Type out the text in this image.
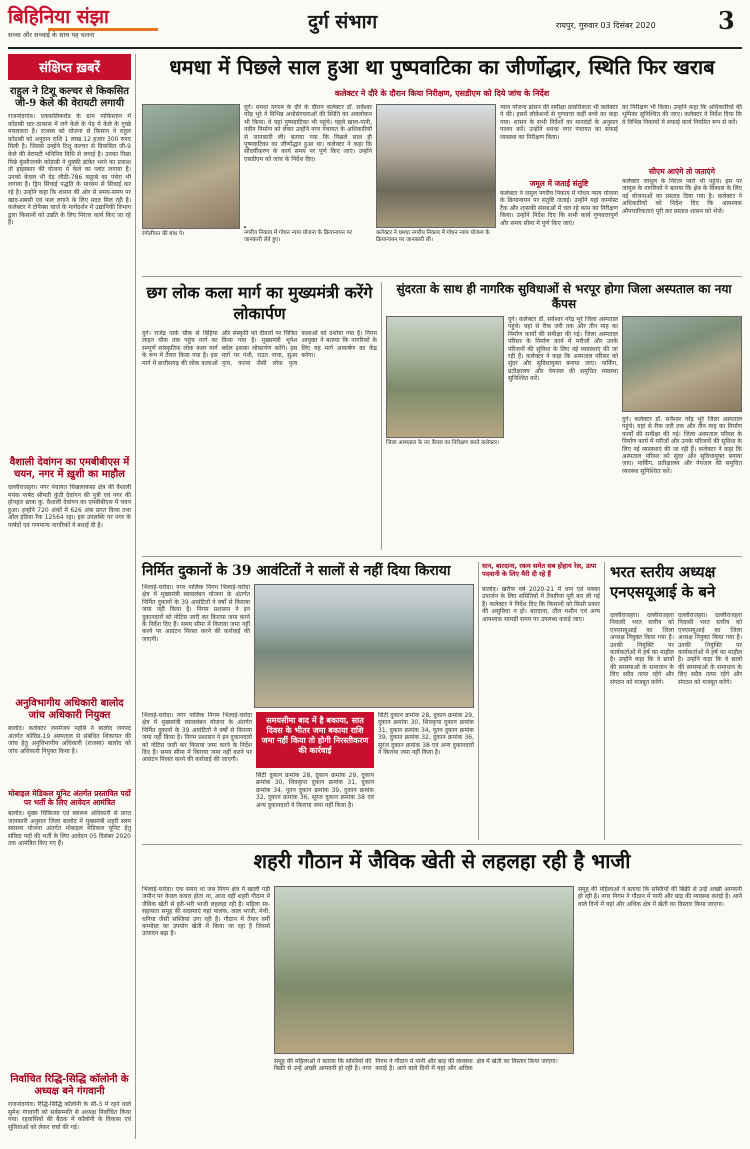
बिहिनिया संझा
सच्चा और सच्चाई के साथ यह चलना
दुर्ग संभाग	रायपुर, गुरुवार 03 दिसंबर 2020	3
संक्षिप्त ख़बरें
राहुल ने टिशू कल्चर से किकसित जी-9 केले की वेरायटी लगायी
राजनांदगांव। एकवालिकरोड के ग्राम पाकिस्तान में कोंडाबी चार ठाकास में लगे केले के पेड़ में केले के गुच्छे मचलकरा है। राजस्व को योजना से किसान ने राहुल कोंडाबी को अनुदान राशि 1 लाख 12 हजार 300 रुपए मिली है। जिससे उन्होंने टिशू कल्चर से विकसित जी-9 केले की वेरायटी भनिनिय विधि से लगाई है। उनका पिछा पिछे कुंसीजनके कोंडाबी ने धुक्की ढांकेर भरने का प्रकाश तो हाइस्कार की योजना मे केले का प्लांट लगाया है। उनको केवल भी देड़ लीठी-786 कट्ठाबे का पंचेरा भी लगाया है। ड्रिप सिंचाई पद्धति के माध्यम से सिंचाई कर रहे है। उन्होंने कहा कि शासन की ओर से समय-समय पर खाद-सबसी एवं फल लगाने के लिए मदद मिल रही है। कलेक्टर ने टोपेक्स चार्ज के मार्गदर्शन में उद्यानिकी विभाग द्वारा किसानों को उन्नति के लिए निरंतर कार्य किए जा रहे हैं।
वैशाली देवांगन का एमबीबीएस में चयन, नगर में ख़ुशी का माहौल
दल्लीराजहरा। नगर पंचायत चिखलाकसा क्षेत्र की वैशाली मयंक पार्षद श्रीमती कुंती देवांगन की पुत्री एवं नगर की होनहार छात्रा कु. वैशाली देवांगन का एमबीबीएस में चयन हुआ। इन्होंने 720 अंकों में 626 अंक प्राप्त किया तथा ऑल इंडिया रैंक 12564 रहा। इस उपलब्धि पर नगर के पार्षदों एवं गणमान्य नागरिकों ने बधाई दी है।
अनुविभागीय अधिकारी बालोद जांच अधिकारी नियुक्त
बालोद। कलेक्टर जनमेजय महोबे ने बालोद जनपद अंतर्गत कोविड-19 अस्पताल से संबंधित शिकायत की जांच हेतु अनुविभागीय अधिकारी (राजस्व) बालोद को जांच अधिकारी नियुक्त किया है।
मोबाइल मेडिकल यूनिट अंतर्गत प्रस्तावित पदों पर भर्ती के लिए आवेदन आमंत्रित
बालोद। मुख्य चिकित्सा एवं स्वास्थ्य अधिकारी से प्राप्त जानकारी अनुसार जिला बालोद में मुख्यमंत्री शहरी स्लम स्वास्थ्य योजना अंतर्गत मोबाइल मेडिकल यूनिट हेतु संविदा पदों की भर्ती के लिए आवेदन 05 दिसंबर 2020 तक आमंत्रित किए गए हैं।
निर्वाचित रिद्धि-सिद्धि कॉलोनी के अध्यक्ष बने गंगवानी
राजनांदगांव। रिद्धि-सिद्धि कॉलोनी के सी-3 में रहने वाले सुमेश गंगवानी को सर्वसम्मति से अध्यक्ष निर्वाचित किया गया। रहवासियों की बैठक में कॉलोनी के विकास एवं सुविधाओं को लेकर चर्चा की गई।
धमधा में पिछले साल हुआ था पुष्पवाटिका का जीर्णोद्धार, स्थिति फिर खराब
कलेक्टर ने दौरे के दौरान किया निरीक्षण, एसडीएम को दिये जांच के निर्देश
रंगोलीयन की बांध पे।
दुर्ग। धमधा नगरम के दौरे के दौरान कलेक्टर डॉ. सर्वेश्वर नरेंद्र भुरे ने विभिन्न अधोसंरचनाओं की स्थिति का अवलोकन भी किया। वे यहां पुष्पवाटिका भी पहुंचे। पहले खाल-पानी, नवीन निर्माण को लेकर उन्होंने नगर पंचायत के अधिकारियों से जानकारी ली। बताया गया कि पिछले साल ही पुष्पवाटिका का जीर्णोद्धार हुआ था। कलेक्टर ने कहा कि सौंदर्यीकरण के कार्य समय पर पूर्ण किए जाएं। उन्होंने एसडीएम को जांच के निर्देश दिए।
नगरीय निकाय में गोधन न्याय योजना के क्रियान्वयन पर जानकारी लेते हुए।
कलेक्टर ने धमधा नगरीय निकाय में गोधन न्याय योजना के क्रियान्वयन पर जानकारी ली।
न्याय योजना ढांसन की समीक्षा प्रावधिकता भी कलेक्टर ने की। इसमें लोकेशनों से गुणवत्ता कहीं बच्चे का कहा गया। शासन के सभी निर्देशों का मानदंडों के अनुसार पालन करें। उन्होंने धमधा नगर पंचायत का सफाई व्यवस्था का निरीक्षण किया।
जमूल में जताई संतुष्टि
कलेक्टर ने जमुल नगरीय निकाय में गोधन न्याय योजना के क्रियान्वयन पर संतुष्टि जताई। उन्होंने यहां कम्पोस्ट टैंक और शासकी संस्थाओं में चल रहे काम का निरीक्षण किया। उन्होंने निर्देश दिए कि सभी कार्य गुणवत्तापूर्ण और समय सीमा में पूर्ण किए जाएं।
का निरीक्षण भी किया। उन्होंने कहा कि अधिकारियों की भूमिका सुनिश्चित की जाए। कलेक्टर ने निर्देश दिया कि वे विभिन्न निकायों में सफाई कार्य नियमित रूप से करें।
सीएम आएंगे तो जताएंगे
कलेक्टर जामुल के निरंतर प्यारे भी पहुंचे। इस पर जामुल के नागरिकों ने बताया कि क्षेत्र के विकास के लिए नई योजनाओं का प्रस्ताव दिया गया है। कलेक्टर ने अधिकारियों को निर्देश दिए कि आवश्यक औपचारिकताएं पूरी कर प्रस्ताव शासन को भेजें।
छग लोक कला मार्ग का मुख्यमंत्री करेंगे लोकार्पण
दुर्ग। राजेंद्र पार्क चौक से बिहिया लाइन चौक तक पहुंच मार्ग का सम्पूर्ण सांस्कृतिक लोक कला मार्ग के रूप में तैयार किया गया है। इस मार्ग में छत्तीसगढ़ की लोक कलाओं और संस्कृति को दीवारों पर चित्रित किया गया है। मुख्यमंत्री भूपेश बघेल इसका लोकार्पण करेंगे। इस मार्ग पर पंथी, राउत नाचा, सुआ नृत्य, करमा जैसी लोक नृत्य कलाओं को दर्शाया गया है। निगम आयुक्त ने बताया कि नागरिकों के लिए यह मार्ग आकर्षण का केंद्र बनेगा।
सुंदरता के साथ ही नागरिक सुविधाओं से भरपूर होगा जिला अस्पताल का नया कैंपस
दुर्ग। कलेक्टर डॉ. सर्वेश्वर नरेंद्र भुरे जिला अस्पताल पहुंचे। यहां से रीक जरी तक और तीन माह का निर्माण कार्यों की समीक्षा की गई। जिला अस्पताल परिसर के निर्माण कार्य में मरीजों और उनके परिजनों की सुविधा के लिए नई व्यवस्थाएं की जा रही हैं। कलेक्टर ने कहा कि अस्पताल परिसर को सुंदर और सुविधायुक्त बनाया जाए। पार्किंग, प्रतीक्षालय और पेयजल की समुचित व्यवस्था सुनिश्चित करें।
जिला अस्पताल के नए कैंपस का निरीक्षण करते कलेक्टर।
दुर्ग। कलेक्टर डॉ. सर्वेश्वर नरेंद्र भुरे जिला अस्पताल पहुंचे। यहां से रीक जरी तक और तीन माह का निर्माण कार्यों की समीक्षा की गई। जिला अस्पताल परिसर के निर्माण कार्य में मरीजों और उनके परिजनों की सुविधा के लिए नई व्यवस्थाएं की जा रही हैं। कलेक्टर ने कहा कि अस्पताल परिसर को सुंदर और सुविधायुक्त बनाया जाए। पार्किंग, प्रतीक्षालय और पेयजल की समुचित व्यवस्था सुनिश्चित करें।
निर्मित दुकानों के 39 आवंटितों ने सालों से नहीं दिया किराया
भिलाई-चरोदा। नगर पालिक निगम भिलाई-चरोदा क्षेत्र में मुख्यमंत्री स्वावलंबन योजना के अंतर्गत निर्मित दुकानों के 39 आवंटितों ने वर्षों से किराया जमा नहीं किया है। निगम प्रशासन ने इन दुकानदारों को नोटिस जारी कर किराया जमा करने के निर्देश दिए हैं। समय सीमा में किराया जमा नहीं करने पर आवंटन निरस्त करने की कार्रवाई की जाएगी।
भिलाई-चरोदा। नगर पालिक निगम भिलाई-चरोदा क्षेत्र में मुख्यमंत्री स्वावलंबन योजना के अंतर्गत निर्मित दुकानों के 39 आवंटितों ने वर्षों से किराया जमा नहीं किया है। निगम प्रशासन ने इन दुकानदारों को नोटिस जारी कर किराया जमा करने के निर्देश दिए हैं। समय सीमा में किराया जमा नहीं करने पर आवंटन निरस्त करने की कार्रवाई की जाएगी।
समयसीमा बाद में है बकाया, सात दिवस के भीतर जमा बकाया राशि जमा नहीं किया तो होगी निरस्तीकरण की कार्रवाई
सिटी दुकान क्रमांक 28, दुकान क्रमांक 29, दुकान क्रमांक 30, शिवकृपा दुकान क्रमांक 31, दुकान क्रमांक 34, नूतन दुकान क्रमांक 39, दुकान क्रमांक 32, दुकान क्रमांक 36, सूरज दुकान क्रमांक 38 एवं अन्य दुकानदारों ने किराया जमा नहीं किया है।
सिटी दुकान क्रमांक 28, दुकान क्रमांक 29, दुकान क्रमांक 30, शिवकृपा दुकान क्रमांक 31, दुकान क्रमांक 34, नूतन दुकान क्रमांक 39, दुकान क्रमांक 32, दुकान क्रमांक 36, सूरज दुकान क्रमांक 38 एवं अन्य दुकानदारों ने किराया जमा नहीं किया है।
धान, बारदाना, रकम समेत सब होहाय रेस, उत्पा पदवानी के लिए मैरी दी रहे हैं
बालोद। खरीफ वर्ष 2020-21 में धान एवं मक्का उपार्जन के लिए समितियों में तैयारियां पूरी कर ली गई हैं। कलेक्टर ने निर्देश दिए कि किसानों को किसी प्रकार की असुविधा न हो। बारदाना, तौल मशीन एवं अन्य आवश्यक सामग्री समय पर उपलब्ध कराई जाए।
भरत स्तरीय अध्यक्ष एनएसयूआई के बने
दल्लीराजहरा। दल्लीराजहरा निवासी भरत स्तरीय को एनएसयूआई का जिला अध्यक्ष नियुक्त किया गया है। उनकी नियुक्ति पर कार्यकर्ताओं में हर्ष का माहौल है। उन्होंने कहा कि वे छात्रों की समस्याओं के समाधान के लिए सदैव तत्पर रहेंगे और संगठन को मजबूत करेंगे।
दल्लीराजहरा। दल्लीराजहरा निवासी भरत स्तरीय को एनएसयूआई का जिला अध्यक्ष नियुक्त किया गया है। उनकी नियुक्ति पर कार्यकर्ताओं में हर्ष का माहौल है। उन्होंने कहा कि वे छात्रों की समस्याओं के समाधान के लिए सदैव तत्पर रहेंगे और संगठन को मजबूत करेंगे।
शहरी गौठान में जैविक खेती से लहलहा रही है भाजी
भिलाई-चरोदा। एक समय था जब निगम क्षेत्र में खाली पड़ी जमीन पर केवल कचरा होता था, आज वहीं शहरी गौठान में जैविक खेती से हरी-भरी भाजी लहलहा रही है। महिला स्व-सहायता समूह की सदस्याएं यहां पालक, लाल भाजी, मेथी, धनिया जैसी सब्जियां उगा रही हैं। गौठान में तैयार वर्मी कम्पोस्ट का उपयोग खेती में किया जा रहा है जिससे उत्पादन बढ़ा है।
समूह की महिलाओं ने बताया कि सब्जियों की बिक्री से उन्हें अच्छी आमदनी हो रही है। नगर निगम ने गौठान में पानी और बाड़ की व्यवस्था कराई है। आने वाले दिनों में यहां और अधिक क्षेत्र में खेती का विस्तार किया जाएगा।
समूह की महिलाओं ने बताया कि सब्जियों की बिक्री से उन्हें अच्छी आमदनी हो रही है। नगर निगम ने गौठान में पानी और बाड़ की व्यवस्था कराई है। आने वाले दिनों में यहां और अधिक क्षेत्र में खेती का विस्तार किया जाएगा।
